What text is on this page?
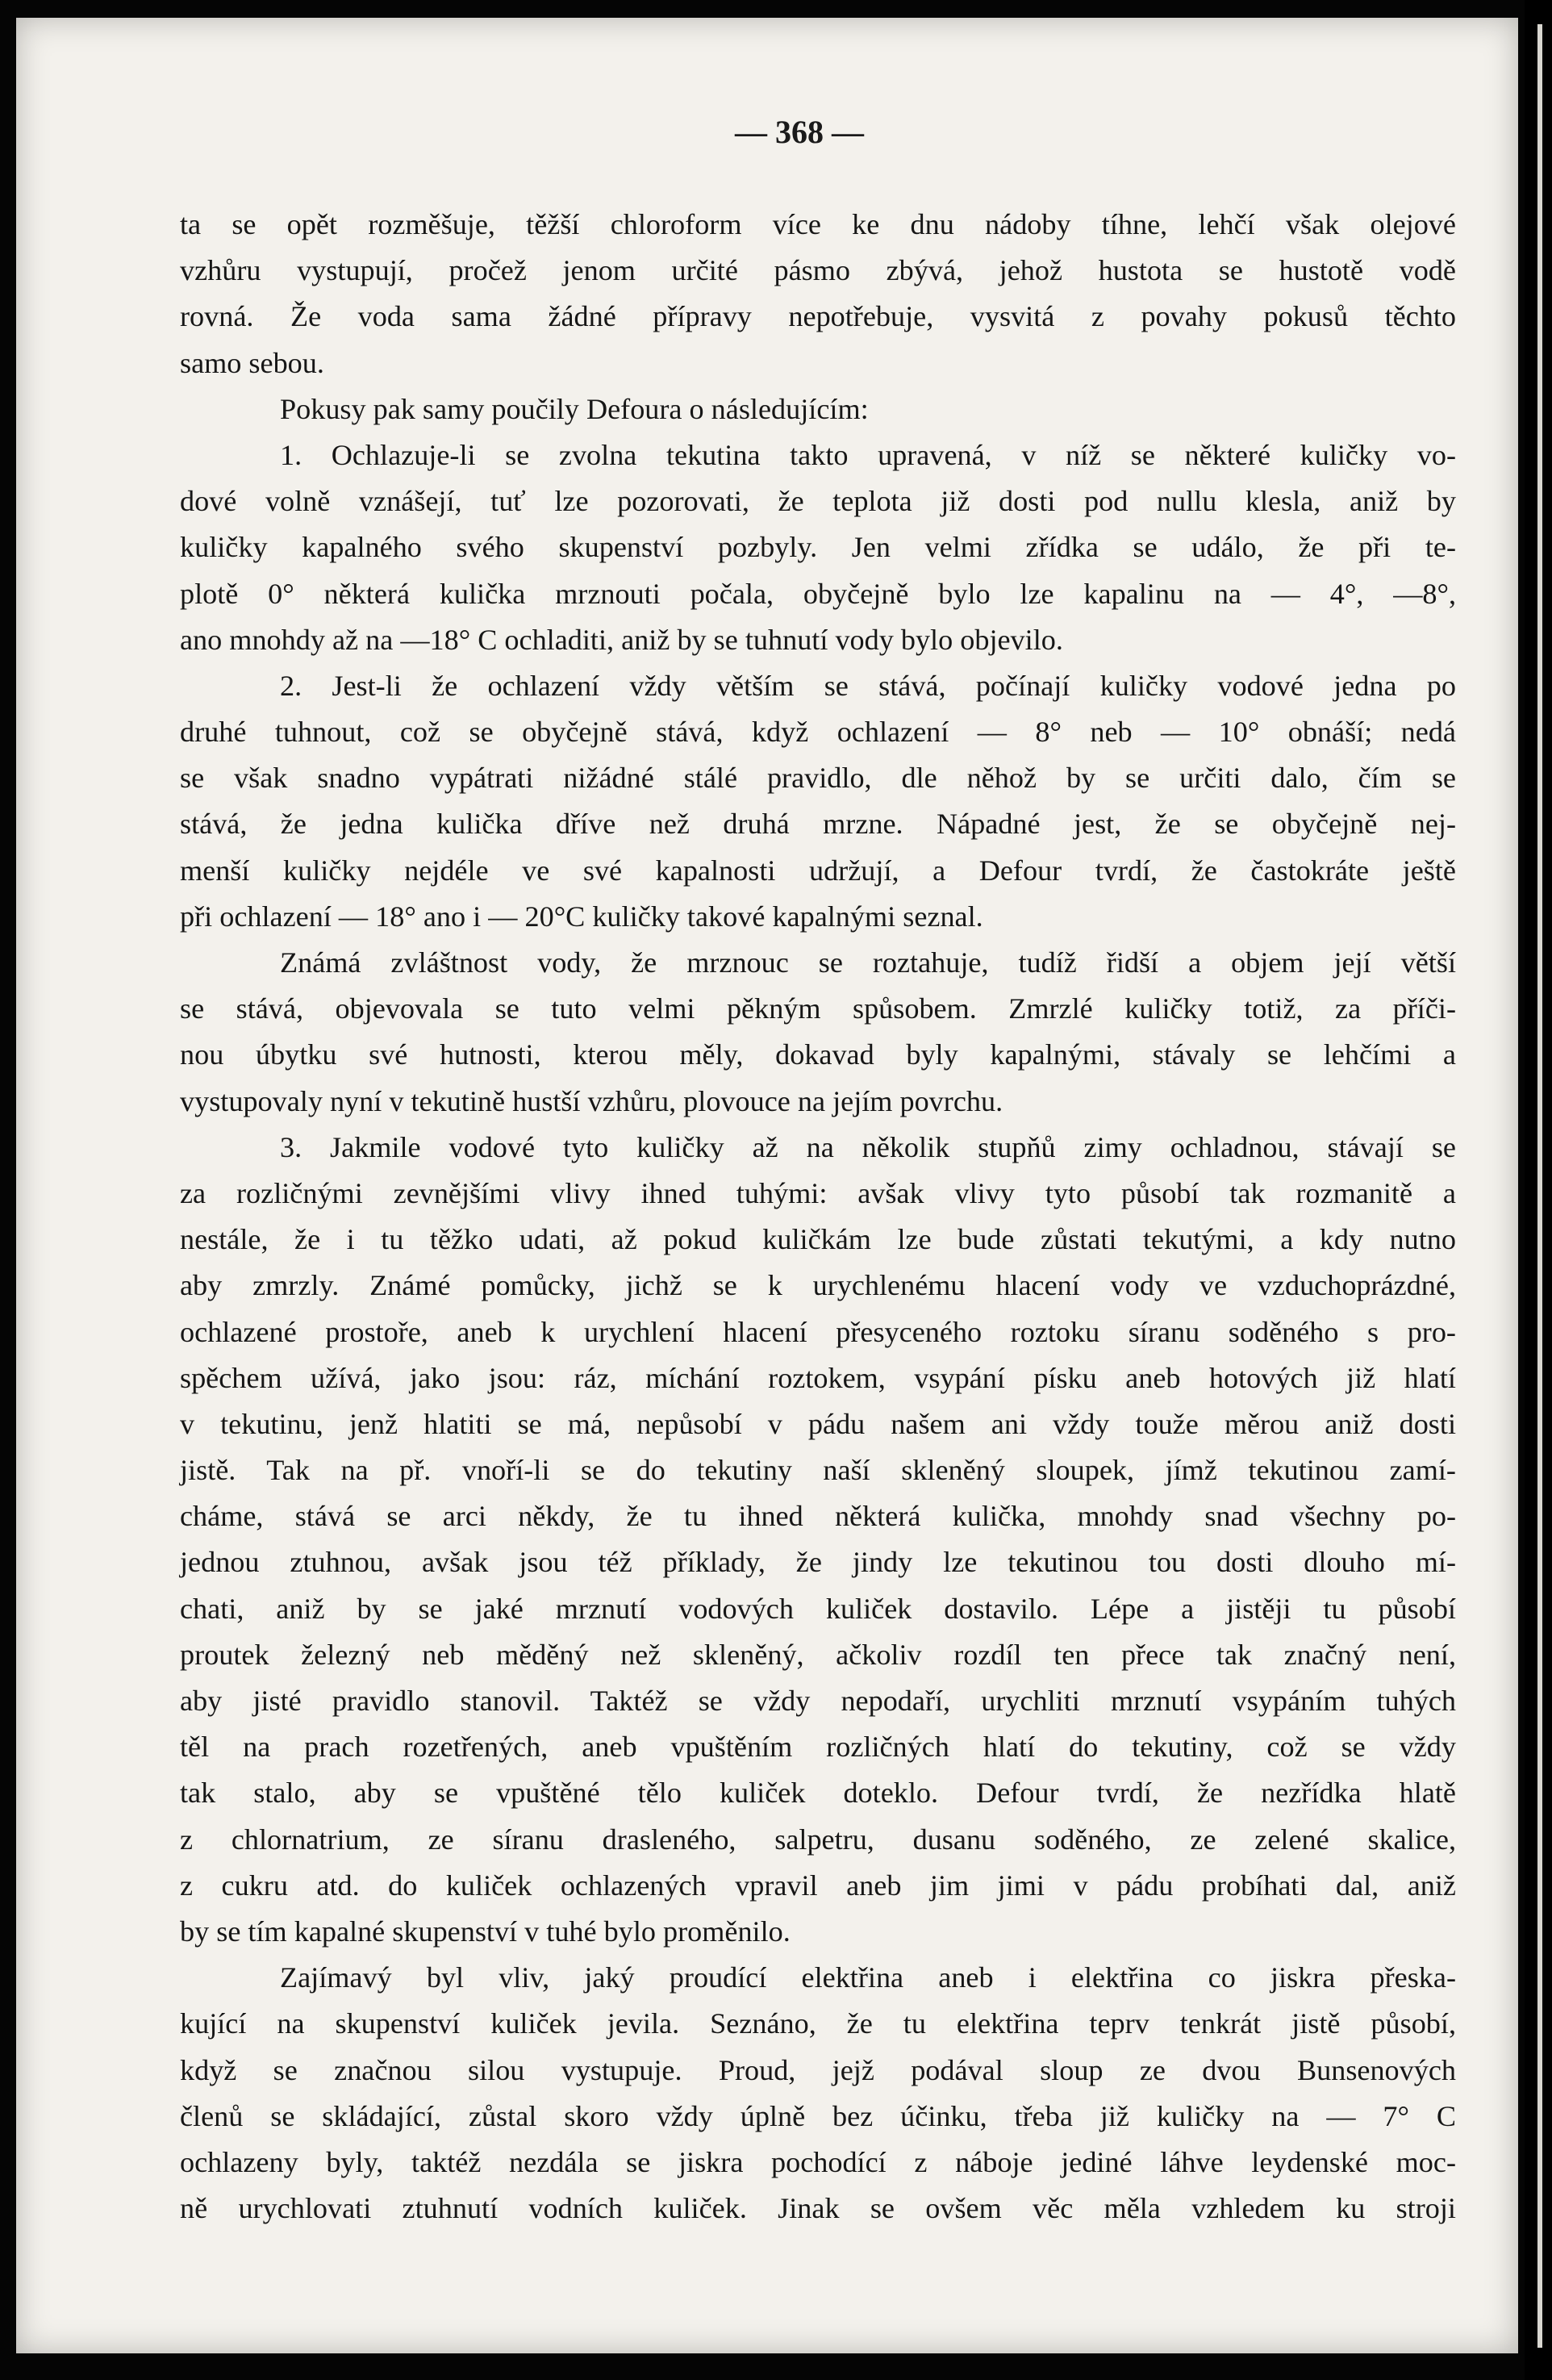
— 368 —
ta se opět rozměšuje, těžší chloroform více ke dnu nádoby tíhne, lehčí však olejové
vzhůru vystupují, pročež jenom určité pásmo zbývá, jehož hustota se hustotě vodě
rovná. Že voda sama žádné přípravy nepotřebuje, vysvitá z povahy pokusů těchto
samo sebou.
Pokusy pak samy poučily Defoura o následujícím:
1. Ochlazuje-li se zvolna tekutina takto upravená, v níž se některé kuličky vo-
dové volně vznášejí, tuť lze pozorovati, že teplota již dosti pod nullu klesla, aniž by
kuličky kapalného svého skupenství pozbyly. Jen velmi zřídka se událo, že při te-
plotě 0° některá kulička mrznouti počala, obyčejně bylo lze kapalinu na — 4°, —8°,
ano mnohdy až na —18° C ochladiti, aniž by se tuhnutí vody bylo objevilo.
2. Jest-li že ochlazení vždy větším se stává, počínají kuličky vodové jedna po
druhé tuhnout, což se obyčejně stává, když ochlazení — 8° neb — 10° obnáší; nedá
se však snadno vypátrati nižádné stálé pravidlo, dle něhož by se určiti dalo, čím se
stává, že jedna kulička dříve než druhá mrzne. Nápadné jest, že se obyčejně nej-
menší kuličky nejdéle ve své kapalnosti udržují, a Defour tvrdí, že častokráte ještě
při ochlazení — 18° ano i — 20°C kuličky takové kapalnými seznal.
Známá zvláštnost vody, že mrznouc se roztahuje, tudíž řidší a objem její větší
se stává, objevovala se tuto velmi pěkným spůsobem. Zmrzlé kuličky totiž, za příči-
nou úbytku své hutnosti, kterou měly, dokavad byly kapalnými, stávaly se lehčími a
vystupovaly nyní v tekutině hustší vzhůru, plovouce na jejím povrchu.
3. Jakmile vodové tyto kuličky až na několik stupňů zimy ochladnou, stávají se
za rozličnými zevnějšími vlivy ihned tuhými: avšak vlivy tyto působí tak rozmanitě a
nestále, že i tu těžko udati, až pokud kuličkám lze bude zůstati tekutými, a kdy nutno
aby zmrzly. Známé pomůcky, jichž se k urychlenému hlacení vody ve vzduchoprázdné,
ochlazené prostoře, aneb k urychlení hlacení přesyceného roztoku síranu soděného s pro-
spěchem užívá, jako jsou: ráz, míchání roztokem, vsypání písku aneb hotových již hlatí
v tekutinu, jenž hlatiti se má, nepůsobí v pádu našem ani vždy touže měrou aniž dosti
jistě. Tak na př. vnoří-li se do tekutiny naší skleněný sloupek, jímž tekutinou zamí-
cháme, stává se arci někdy, že tu ihned některá kulička, mnohdy snad všechny po-
jednou ztuhnou, avšak jsou též příklady, že jindy lze tekutinou tou dosti dlouho mí-
chati, aniž by se jaké mrznutí vodových kuliček dostavilo. Lépe a jistěji tu působí
proutek železný neb měděný než skleněný, ačkoliv rozdíl ten přece tak značný není,
aby jisté pravidlo stanovil. Taktéž se vždy nepodaří, urychliti mrznutí vsypáním tuhých
těl na prach rozetřených, aneb vpuštěním rozličných hlatí do tekutiny, což se vždy
tak stalo, aby se vpuštěné tělo kuliček doteklo. Defour tvrdí, že nezřídka hlatě
z chlornatrium, ze síranu drasleného, salpetru, dusanu soděného, ze zelené skalice,
z cukru atd. do kuliček ochlazených vpravil aneb jim jimi v pádu probíhati dal, aniž
by se tím kapalné skupenství v tuhé bylo proměnilo.
Zajímavý byl vliv, jaký proudící elektřina aneb i elektřina co jiskra přeska-
kující na skupenství kuliček jevila. Seznáno, že tu elektřina teprv tenkrát jistě působí,
když se značnou silou vystupuje. Proud, jejž podával sloup ze dvou Bunsenových
členů se skládající, zůstal skoro vždy úplně bez účinku, třeba již kuličky na — 7° C
ochlazeny byly, taktéž nezdála se jiskra pochodící z náboje jediné láhve leydenské moc-
ně urychlovati ztuhnutí vodních kuliček. Jinak se ovšem věc měla vzhledem ku stroji
